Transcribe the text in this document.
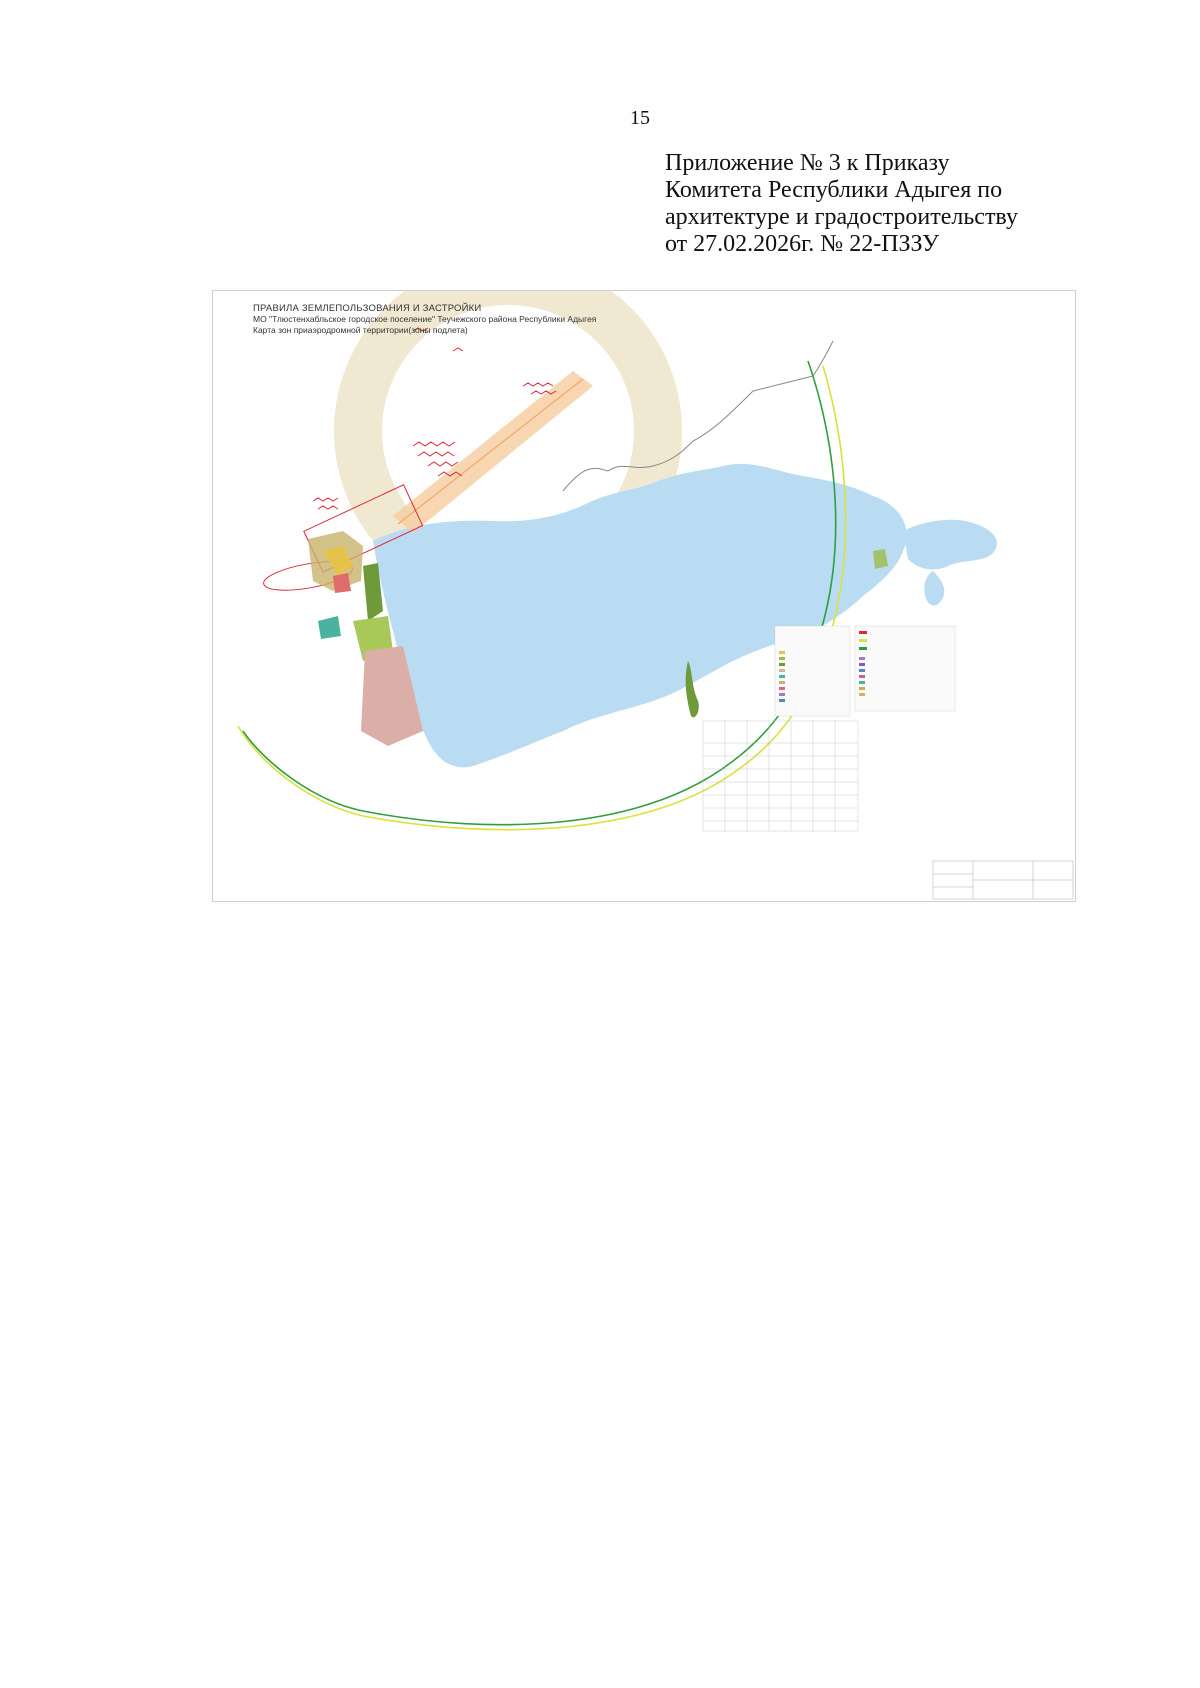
15
Приложение № 3 к Приказу
Комитета Республики Адыгея по
архитектуре и градостроительству
от 27.02.2026г. № 22-ПЗЗУ
ПРАВИЛА ЗЕМЛЕПОЛЬЗОВАНИЯ И ЗАСТРОЙКИ
МО "Тлюстенхабльское городское поселение" Теучежского района Республики Адыгея
Карта зон приаэродромной территории(зоны подлета)
